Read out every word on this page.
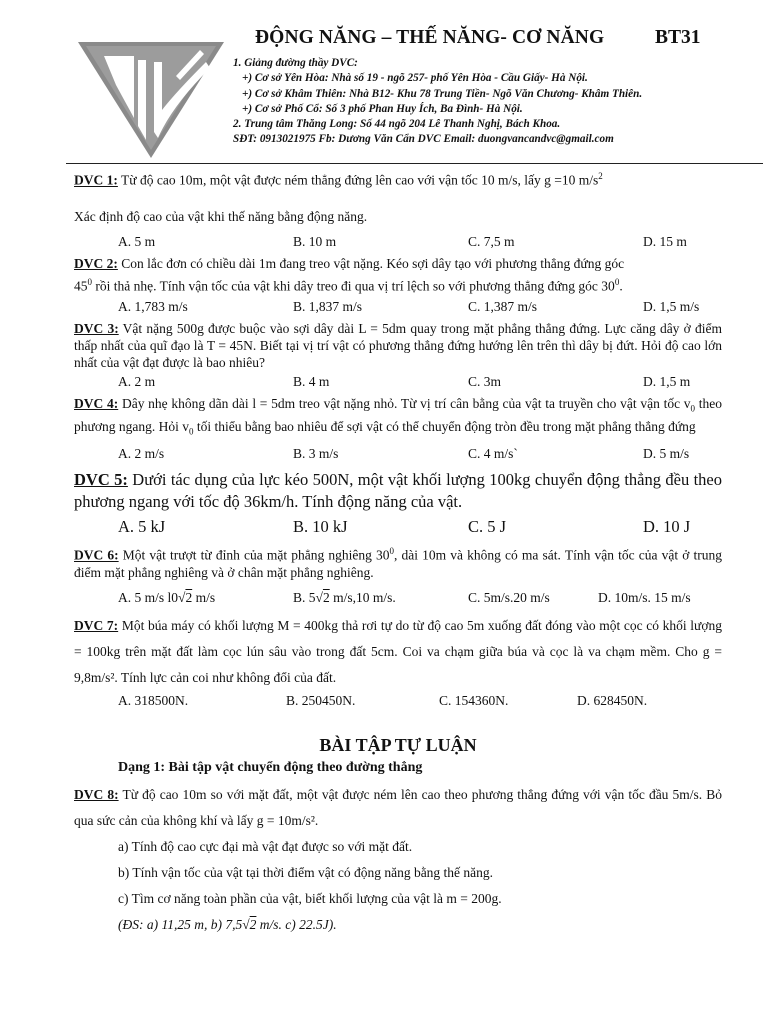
ĐỘNG NĂNG – THẾ NĂNG- CƠ NĂNG	BT31
1. Giảng đường thầy DVC:
+) Cơ sở Yên Hòa: Nhà số 19 - ngõ 257- phố Yên Hòa - Cầu Giấy- Hà Nội.
+) Cơ sở Khâm Thiên: Nhà B12- Khu 78 Trung Tiền- Ngõ Văn Chương- Khâm Thiên.
+) Cơ sở Phố Cổ: Số 3 phố Phan Huy Ích, Ba Đình- Hà Nội.
2. Trung tâm Thăng Long: Số 44 ngõ 204 Lê Thanh Nghị, Bách Khoa.
SĐT: 0913021975 Fb: Dương Văn Cẩn DVC Email: duongvancandvc@gmail.com
DVC 1: Từ độ cao 10m, một vật được ném thẳng đứng lên cao với vận tốc 10 m/s, lấy g =10 $m/s^2$
Xác định độ cao của vật khi thế năng bằng động năng.
A. 5 m	B. 10 m	C. 7,5 m	D. 15 m
DVC 2: Con lắc đơn có chiều dài 1m đang treo vật nặng. Kéo sợi dây tạo với phương thẳng đứng góc
$45^0$ rồi thả nhẹ. Tính vận tốc của vật khi dây treo đi qua vị trí lệch so với phương thẳng đứng góc $30^0$.
A. 1,783 m/s	B. 1,837 m/s	C. 1,387 m/s	D. 1,5 m/s
DVC 3: Vật nặng 500g được buộc vào sợi dây dài L = 5dm quay trong mặt phẳng thẳng đứng. Lực căng dây ở điểm thấp nhất của quĩ đạo là T = 45N. Biết tại vị trí vật có phương thẳng đứng hướng lên trên thì dây bị đứt. Hỏi độ cao lớn nhất của vật đạt được là bao nhiêu?
A. 2 m	B. 4 m	C. 3m	D. 1,5 m
DVC 4: Dây nhẹ không dãn dài l = 5dm treo vật nặng nhỏ. Từ vị trí cân bằng của vật ta truyền cho vật vận tốc $v_0$ theo phương ngang. Hỏi $v_0$ tối thiểu bằng bao nhiêu để sợi vật có thể chuyển động tròn đều trong mặt phẳng thẳng đứng
A. 2 m/s	B. 3 m/s	C. 4 m/s`	D. 5 m/s
DVC 5: Dưới tác dụng của lực kéo 500N, một vật khối lượng 100kg chuyển động thẳng đều theo phương ngang với tốc độ 36km/h. Tính động năng của vật.
A. 5 kJ	B. 10 kJ	C. 5 J	D. 10 J
DVC 6: Một vật trượt từ đỉnh của mặt phẳng nghiêng $30^0$, dài 10m và không có ma sát. Tính vận tốc của vật ở trung điểm mặt phẳng nghiêng và ở chân mặt phẳng nghiêng.
A. 5 m/s l0√2 m/s	B. 5√2 m/s,10 m/s.	C. 5m/s.20 m/s	D. 10m/s. 15 m/s
DVC 7: Một búa máy có khối lượng M = 400kg thả rơi tự do từ độ cao 5m xuống đất đóng vào một cọc có khối lượng = 100kg trên mặt đất làm cọc lún sâu vào trong đất 5cm. Coi va chạm giữa búa và cọc là va chạm mềm. Cho g = 9,8m/s². Tính lực cản coi như không đổi của đất.
A. 318500N.	B. 250450N.	C. 154360N.	D. 628450N.
BÀI TẬP TỰ LUẬN
Dạng 1: Bài tập vật chuyển động theo đường thẳng
DVC 8: Từ độ cao 10m so với mặt đất, một vật được ném lên cao theo phương thẳng đứng với vận tốc đầu 5m/s. Bỏ qua sức cản của không khí và lấy g = 10m/s².
a) Tính độ cao cực đại mà vật đạt được so với mặt đất.
b) Tính vận tốc của vật tại thời điểm vật có động năng bằng thế năng.
c) Tìm cơ năng toàn phần của vật, biết khối lượng của vật là m = 200g.
(ĐS: a) 11,25 m, b) 7,5√2 m/s. c) 22.5J).
